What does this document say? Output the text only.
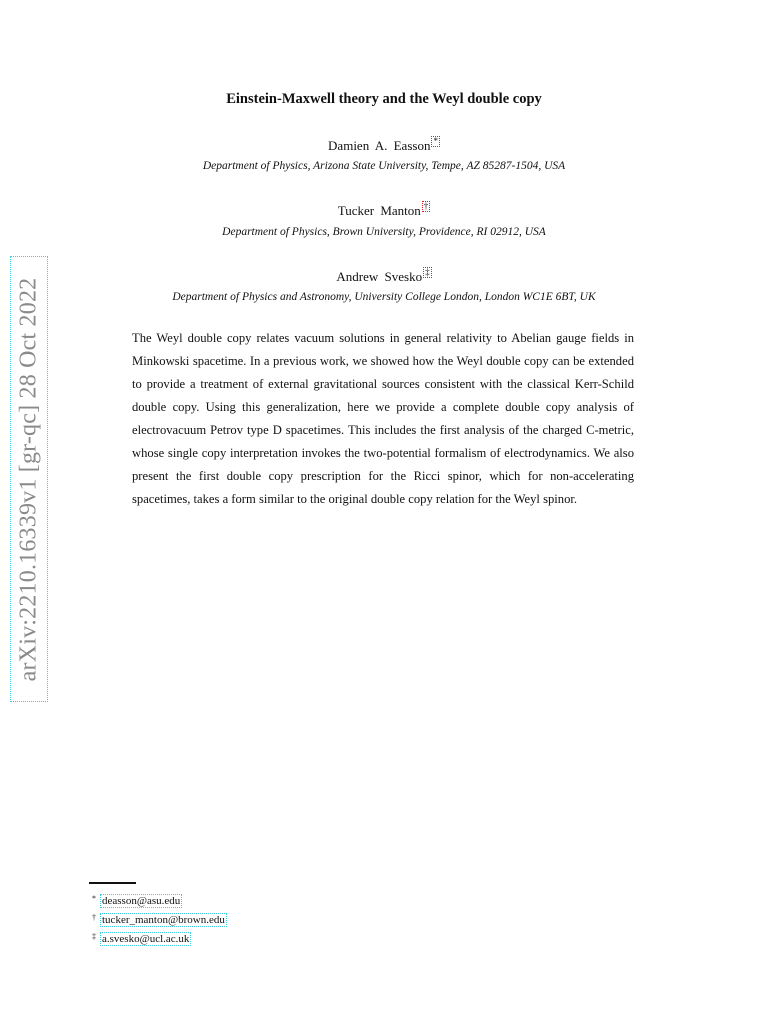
arXiv:2210.16339v1 [gr-qc] 28 Oct 2022
Einstein-Maxwell theory and the Weyl double copy
Damien A. Easson *
Department of Physics, Arizona State University, Tempe, AZ 85287-1504, USA
Tucker Manton †
Department of Physics, Brown University, Providence, RI 02912, USA
Andrew Svesko ‡
Department of Physics and Astronomy, University College London, London WC1E 6BT, UK

The Weyl double copy relates vacuum solutions in general relativity to Abelian gauge fields in Minkowski spacetime. In a previous work, we showed how the Weyl double copy can be extended to provide a treatment of external gravitational sources consistent with the classical Kerr-Schild double copy. Using this generalization, here we provide a complete double copy analysis of electrovacuum Petrov type D spacetimes. This includes the first analysis of the charged C-metric, whose single copy interpretation invokes the two-potential formalism of electrodynamics. We also present the first double copy prescription for the Ricci spinor, which for non-accelerating spacetimes, takes a form similar to the original double copy relation for the Weyl spinor.

* deasson@asu.edu
† tucker_manton@brown.edu
‡ a.svesko@ucl.ac.uk
